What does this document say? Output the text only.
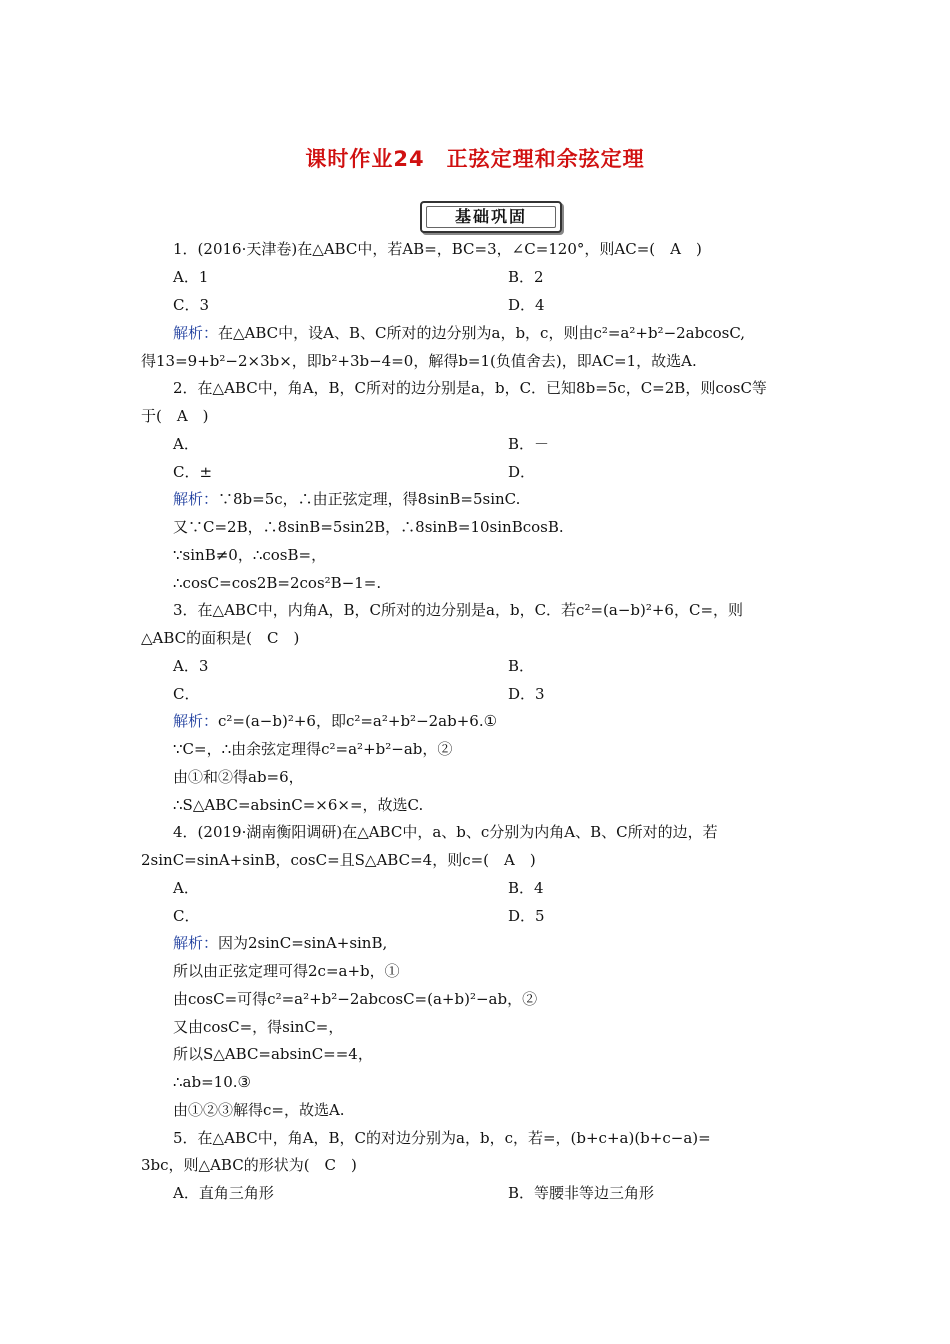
课时作业24　正弦定理和余弦定理
基础巩固
1．(2016·天津卷)在△ABC中，若AB=，BC=3，∠C=120°，则AC=(　A　)
A．1	B．2
C．3	D．4
解析：在△ABC中，设A、B、C所对的边分别为a，b，c，则由c²=a²+b²−2abcosC,
得13=9+b²−2×3b×，即b²+3b−4=0，解得b=1(负值舍去)，即AC=1，故选A.
2．在△ABC中，角A，B，C所对的边分别是a，b，C．已知8b=5c，C=2B，则cosC等
于(　A　)
A．	B．－
C．±	D．
解析：∵8b=5c，∴由正弦定理，得8sinB=5sinC.
又∵C=2B，∴8sinB=5sin2B，∴8sinB=10sinBcosB.
∵sinB≠0，∴cosB=，
∴cosC=cos2B=2cos²B−1=.
3．在△ABC中，内角A，B，C所对的边分别是a，b，C．若c²=(a−b)²+6，C=，则
△ABC的面积是(　C　)
A．3	B．
C．	D．3
解析：c²=(a−b)²+6，即c²=a²+b²−2ab+6.①
∵C=，∴由余弦定理得c²=a²+b²−ab，②
由①和②得ab=6，
∴S△ABC=absinC=×6×=，故选C.
4．(2019·湖南衡阳调研)在△ABC中，a、b、c分别为内角A、B、C所对的边，若
2sinC=sinA+sinB，cosC=且S△ABC=4，则c=(　A　)
A．	B．4
C．	D．5
解析：因为2sinC=sinA+sinB,
所以由正弦定理可得2c=a+b，①
由cosC=可得c²=a²+b²−2abcosC=(a+b)²−ab，②
又由cosC=，得sinC=，
所以S△ABC=absinC==4，
∴ab=10.③
由①②③解得c=，故选A.
5．在△ABC中，角A，B，C的对边分别为a，b，c，若=，(b+c+a)(b+c−a)=
3bc，则△ABC的形状为(　C　)
A．直角三角形	B．等腰非等边三角形
